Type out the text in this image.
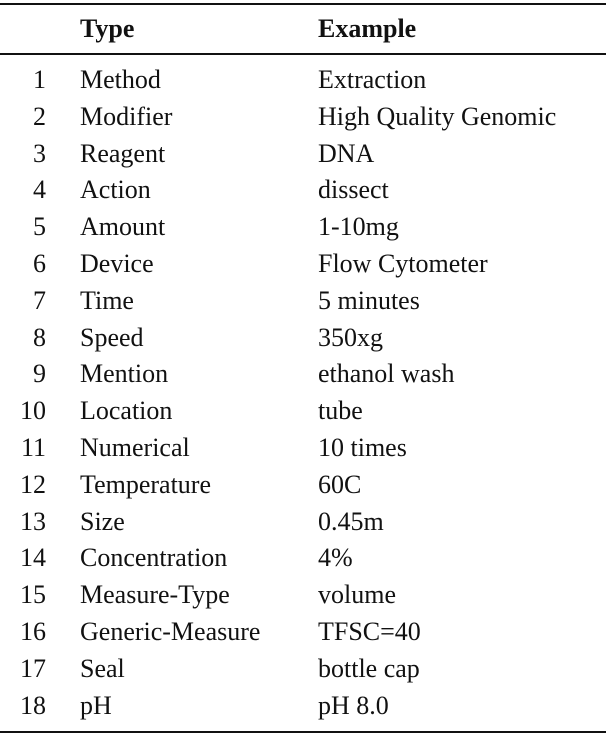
Type	Example
1 Method	Extraction
2 Modifier	High Quality Genomic
3 Reagent	DNA
4 Action	dissect
5 Amount	1-10mg
6 Device	Flow Cytometer
7 Time	5 minutes
8 Speed	350xg
9 Mention	ethanol wash
10 Location	tube
11 Numerical	10 times
12 Temperature	60C
13 Size	0.45m
14 Concentration	4%
15 Measure-Type	volume
16 Generic-Measure TFSC=40
17 Seal	bottle cap
18 pH	pH 8.0
